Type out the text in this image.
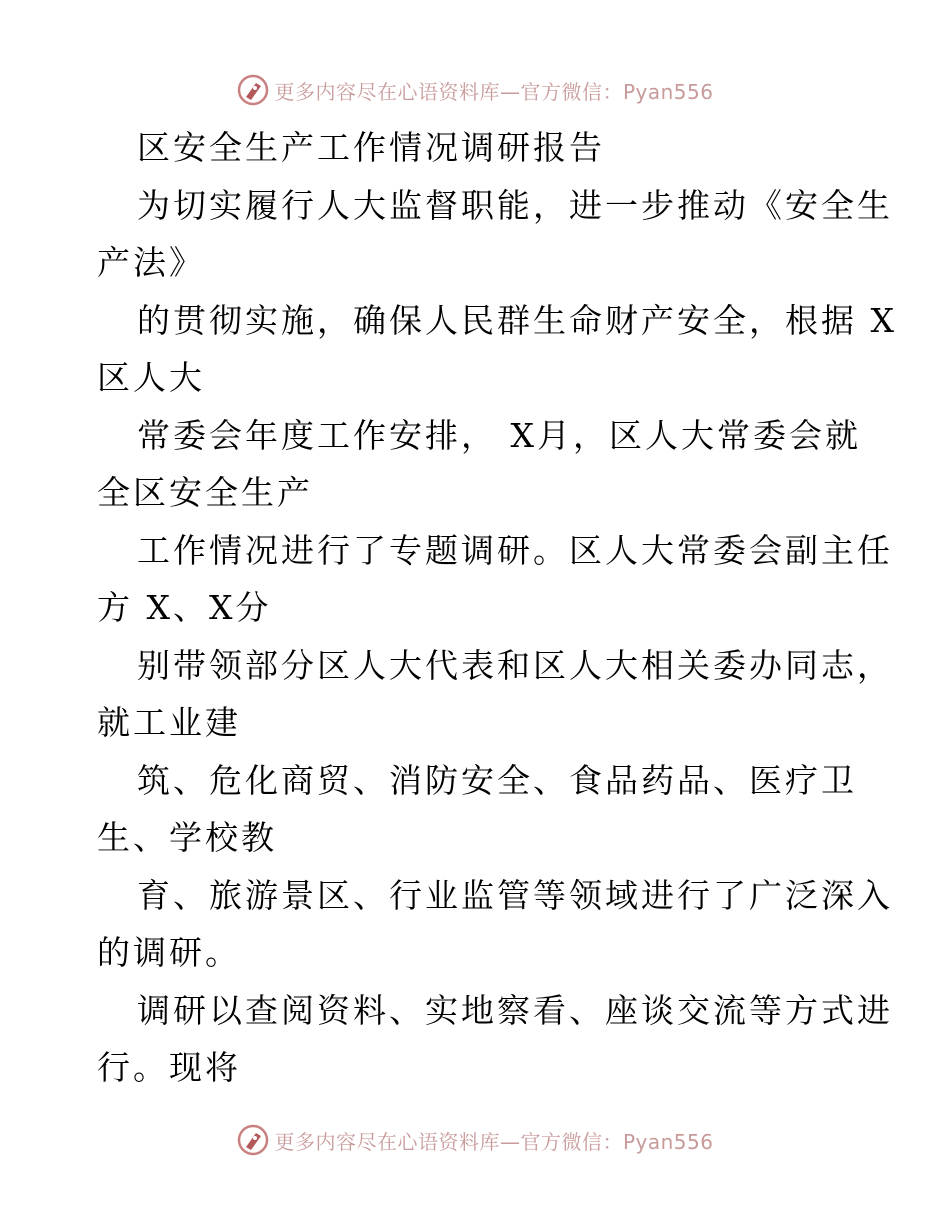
更多内容尽在心语资料库—官方微信：Pyan556
区安全生产工作情况调研报告
为切实履行人大监督职能，进一步推动《安全生
产法》
的贯彻实施，确保人民群生命财产安全，根据 X
区人大
常委会年度工作安排， X月，区人大常委会就
全区安全生产
工作情况进行了专题调研。区人大常委会副主任
方 X、X分
别带领部分区人大代表和区人大相关委办同志，
就工业建
筑、危化商贸、消防安全、食品药品、医疗卫
生、学校教
育、旅游景区、行业监管等领域进行了广泛深入
的调研。
调研以查阅资料、实地察看、座谈交流等方式进
行。现将
更多内容尽在心语资料库—官方微信：Pyan556
